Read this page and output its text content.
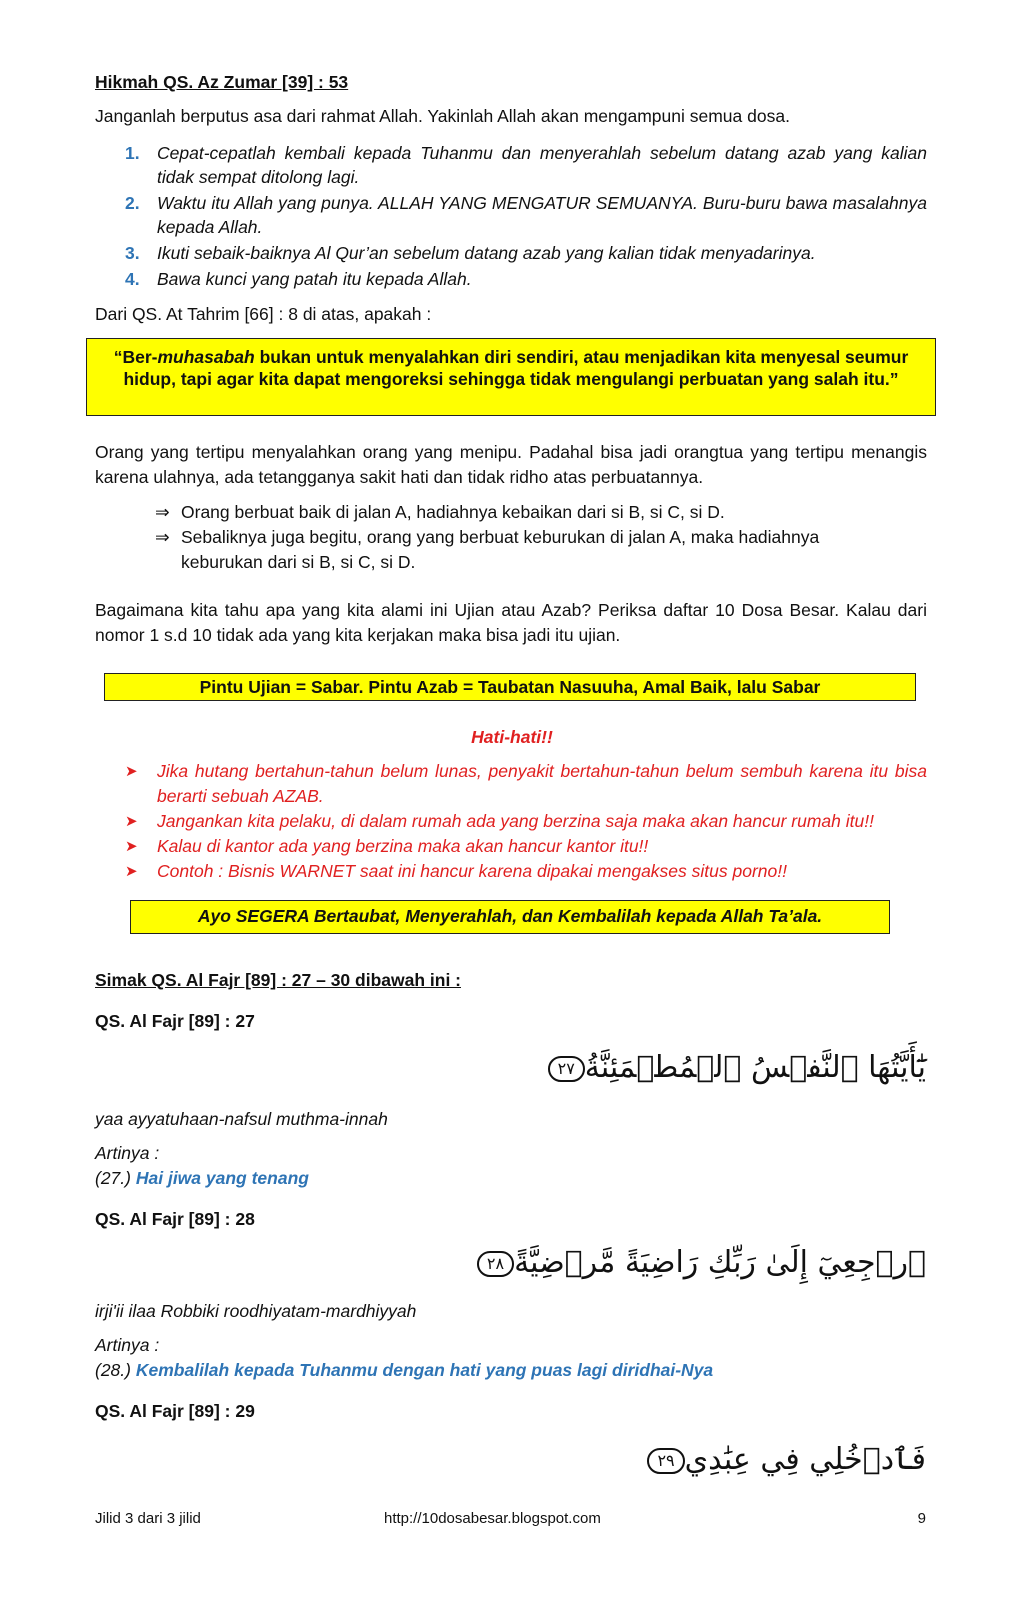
Hikmah QS. Az Zumar [39] : 53

Janganlah berputus asa dari rahmat Allah. Yakinlah Allah akan mengampuni semua dosa.

1. Cepat-cepatlah kembali kepada Tuhanmu dan menyerahlah sebelum datang azab yang kalian tidak sempat ditolong lagi.
2. Waktu itu Allah yang punya. ALLAH YANG MENGATUR SEMUANYA. Buru-buru bawa masalahnya kepada Allah.
3. Ikuti sebaik-baiknya Al Qur’an sebelum datang azab yang kalian tidak menyadarinya.
4. Bawa kunci yang patah itu kepada Allah.

Dari QS. At Tahrim [66] : 8 di atas, apakah :

“Ber-muhasabah bukan untuk menyalahkan diri sendiri, atau menjadikan kita menyesal seumur hidup, tapi agar kita dapat mengoreksi sehingga tidak mengulangi perbuatan yang salah itu.”

Orang yang tertipu menyalahkan orang yang menipu. Padahal bisa jadi orangtua yang tertipu menangis karena ulahnya, ada tetangganya sakit hati dan tidak ridho atas perbuatannya.

⇒ Orang berbuat baik di jalan A, hadiahnya kebaikan dari si B, si C, si D.
⇒ Sebaliknya juga begitu, orang yang berbuat keburukan di jalan A, maka hadiahnya keburukan dari si B, si C, si D.

Bagaimana kita tahu apa yang kita alami ini Ujian atau Azab? Periksa daftar 10 Dosa Besar. Kalau dari nomor 1 s.d 10 tidak ada yang kita kerjakan maka bisa jadi itu ujian.

Pintu Ujian = Sabar. Pintu Azab = Taubatan Nasuuha, Amal Baik, lalu Sabar

Hati-hati!!

➤ Jika hutang bertahun-tahun belum lunas, penyakit bertahun-tahun belum sembuh karena itu bisa berarti sebuah AZAB.
➤ Jangankan kita pelaku, di dalam rumah ada yang berzina saja maka akan hancur rumah itu!!
➤ Kalau di kantor ada yang berzina maka akan hancur kantor itu!!
➤ Contoh : Bisnis WARNET saat ini hancur karena dipakai mengakses situs porno!!
Ayo SEGERA Bertaubat, Menyerahlah, dan Kembalilah kepada Allah Ta’ala.

Simak QS. Al Fajr [89] : 27 – 30 dibawah ini :

QS. Al Fajr [89] : 27

يَٰٓأَيَّتُهَا ٱلنَّفۡسُ ٱلۡمُطۡمَئِنَّةُ٢٧

yaa ayyatuhaan-nafsul muthma-innah

Artinya :

(27.) Hai jiwa yang tenang

QS. Al Fajr [89] : 28

ٱرۡجِعِيٓ إِلَىٰ رَبِّكِ رَاضِيَةً مَّرۡضِيَّةً٢٨

irji'ii ilaa Robbiki roodhiyatam-mardhiyyah

Artinya :

(28.) Kembalilah kepada Tuhanmu dengan hati yang puas lagi diridhai-Nya

QS. Al Fajr [89] : 29

فَٱدۡخُلِي فِي عِبَٰدِي٢٩

Jilid 3 dari 3 jilid	http://10dosabesar.blogspot.com	9
